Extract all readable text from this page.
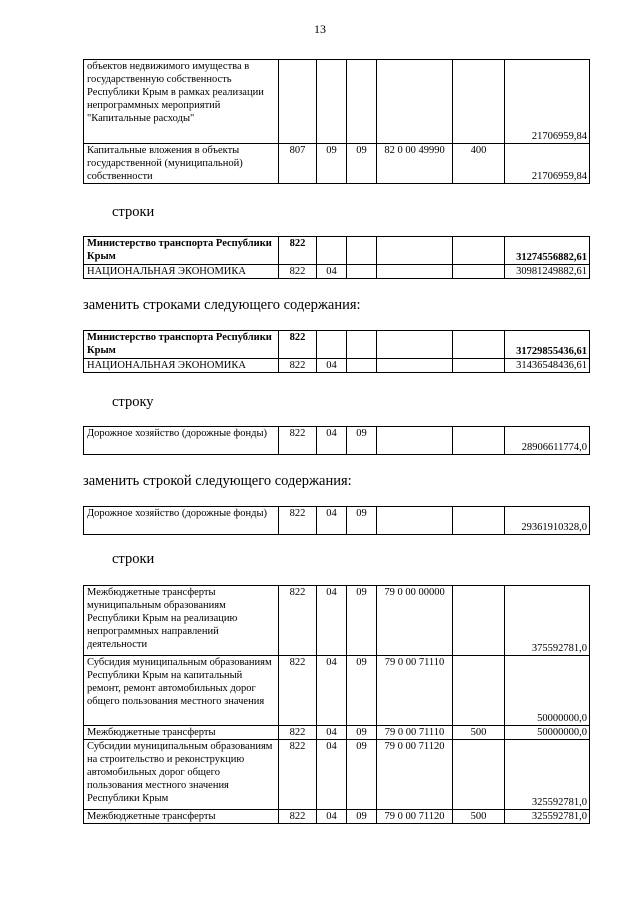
13
объектов недвижимого имущества в государственную собственность Республики Крым в рамках реализации непрограммных мероприятий "Капитальные расходы"						21706959,84
Капитальные вложения в объекты государственной (муниципальной) собственности	807	09	09	82 0 00 49990	400	21706959,84
строки
Министерство транспорта Республики Крым	822					31274556882,61
НАЦИОНАЛЬНАЯ ЭКОНОМИКА	822	04				30981249882,61
заменить строками следующего содержания:
Министерство транспорта Республики Крым	822					31729855436,61
НАЦИОНАЛЬНАЯ ЭКОНОМИКА	822	04				31436548436,61
строку
Дорожное хозяйство (дорожные фонды)	822	04	09			28906611774,0
заменить строкой следующего содержания:
Дорожное хозяйство (дорожные фонды)	822	04	09			29361910328,0
строки
Межбюджетные трансферты муниципальным образованиям Республики Крым на реализацию непрограммных направлений деятельности	822	04	09	79 0 00 00000		375592781,0
Субсидия муниципальным образованиям Республики Крым на капитальный ремонт, ремонт автомобильных дорог общего пользования местного значения	822	04	09	79 0 00 71110		50000000,0
Межбюджетные трансферты	822	04	09	79 0 00 71110	500	50000000,0
Субсидии муниципальным образованиям на строительство и реконструкцию автомобильных дорог общего пользования местного значения Республики Крым	822	04	09	79 0 00 71120		325592781,0
Межбюджетные трансферты	822	04	09	79 0 00 71120	500	325592781,0
